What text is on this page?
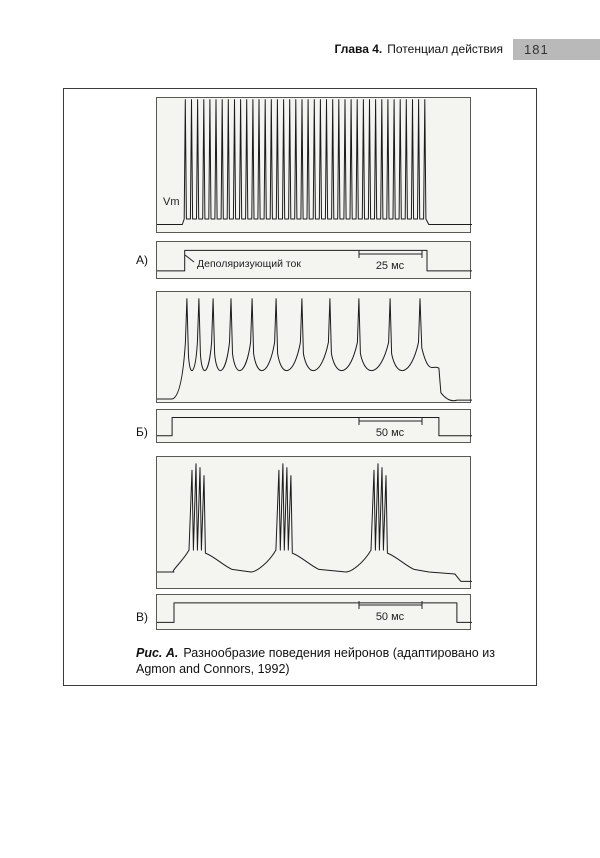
Глава 4. Потенциал действия 181
Vm
Деполяризующий ток	25 мс
А)
50 мс
Б)
50 мс
В)
Рис. А. Разнообразие поведения нейронов (адаптировано из
Agmon and Connors, 1992)
